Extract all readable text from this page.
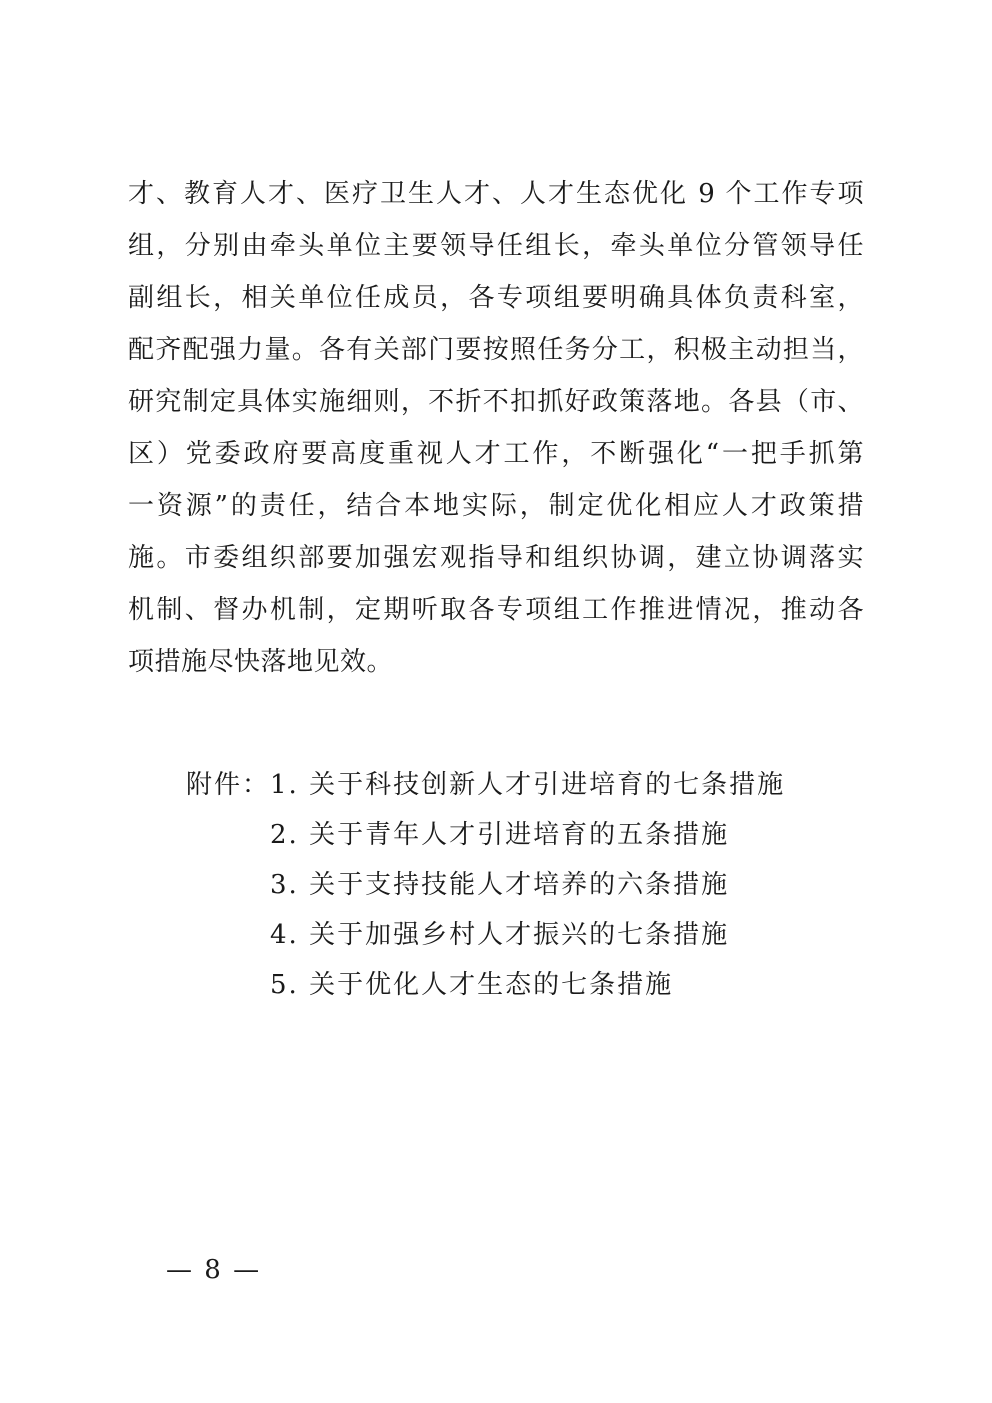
才、教育人才、医疗卫生人才、人才生态优化 9 个工作专项
组，分别由牵头单位主要领导任组长，牵头单位分管领导任
副组长，相关单位任成员，各专项组要明确具体负责科室，
配齐配强力量。各有关部门要按照任务分工，积极主动担当，
研究制定具体实施细则，不折不扣抓好政策落地。各县（市、
区）党委政府要高度重视人才工作，不断强化“一把手抓第
一资源”的责任，结合本地实际，制定优化相应人才政策措
施。市委组织部要加强宏观指导和组织协调，建立协调落实
机制、督办机制，定期听取各专项组工作推进情况，推动各
项措施尽快落地见效。
附件： 1. 关于科技创新人才引进培育的七条措施
2. 关于青年人才引进培育的五条措施
3. 关于支持技能人才培养的六条措施
4. 关于加强乡村人才振兴的七条措施
5. 关于优化人才生态的七条措施
— 8 —
